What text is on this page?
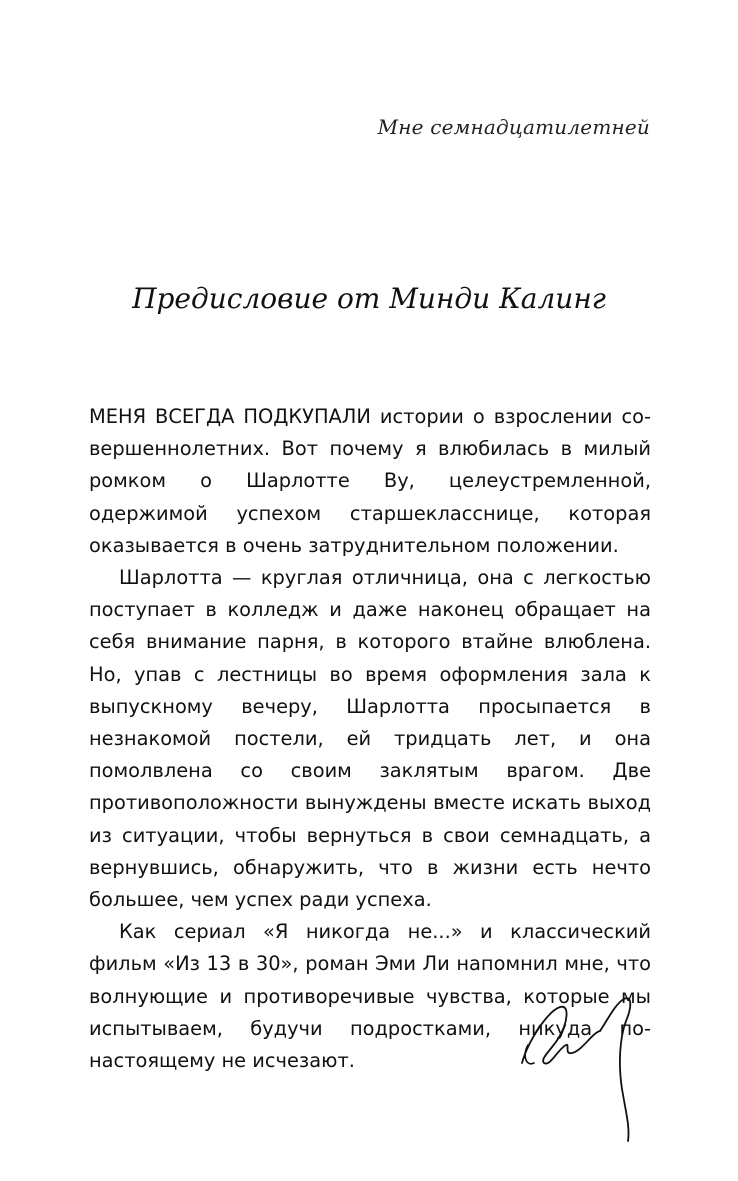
Мне семнадцатилетней
Предисловие от Минди Калинг

МЕНЯ ВСЕГДА ПОДКУПАЛИ истории о взрослении совершеннолетних. Вот почему я влюбилась в милый ромком о Шарлотте Ву, целеустремленной, одержимой успехом старшекласснице, которая оказывается в очень затруднительном положении.

Шарлотта — круглая отличница, она с легкостью поступает в колледж и даже наконец обращает на себя внимание парня, в которого втайне влюблена. Но, упав с лестницы во время оформления зала к выпускному вечеру, Шарлотта просыпается в незнакомой постели, ей тридцать лет, и она помолвлена со своим заклятым врагом. Две противоположности вынуждены вместе искать выход из ситуации, чтобы вернуться в свои семнадцать, а вернувшись, обнаружить, что в жизни есть нечто большее, чем успех ради успеха.

Как сериал «Я никогда не...» и классический фильм «Из 13 в 30», роман Эми Ли напомнил мне, что волнующие и противоречивые чувства, которые мы испытываем, будучи подростками, никуда по-настоящему не исчезают.
